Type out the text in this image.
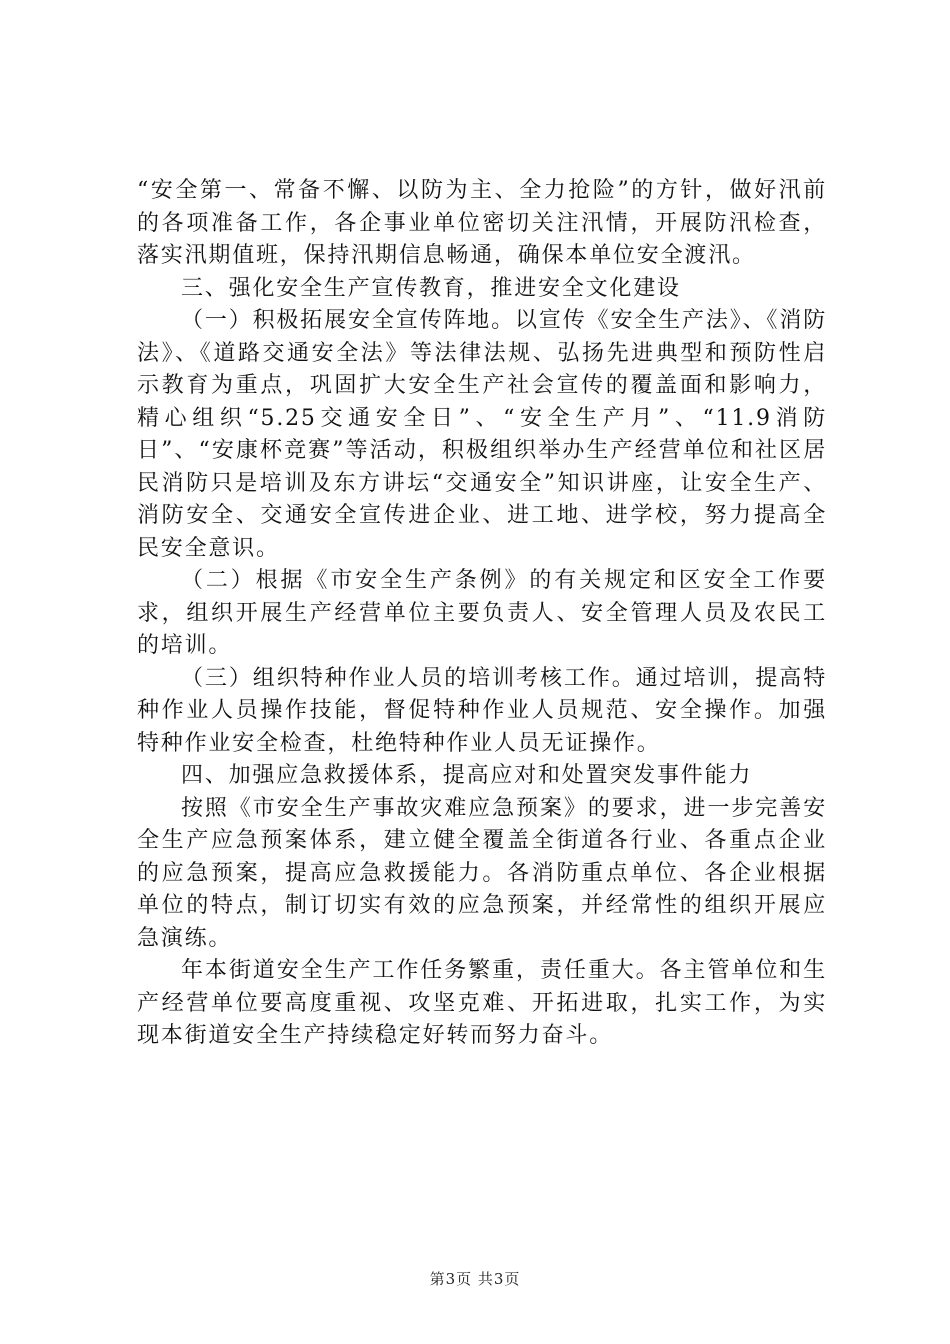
“安全第一、常备不懈、以防为主、全力抢险”的方针，做好汛前的各项准备工作，各企事业单位密切关注汛情，开展防汛检查，落实汛期值班，保持汛期信息畅通，确保本单位安全渡汛。

三、强化安全生产宣传教育，推进安全文化建设

（一）积极拓展安全宣传阵地。以宣传《安全生产法》、《消防法》、《道路交通安全法》等法律法规、弘扬先进典型和预防性启示教育为重点，巩固扩大安全生产社会宣传的覆盖面和影响力，精心组织“5.25交通安全日”、“安全生产月”、“11.9消防日”、“安康杯竞赛”等活动，积极组织举办生产经营单位和社区居民消防只是培训及东方讲坛“交通安全”知识讲座，让安全生产、消防安全、交通安全宣传进企业、进工地、进学校，努力提高全民安全意识。

（二）根据《市安全生产条例》的有关规定和区安全工作要求，组织开展生产经营单位主要负责人、安全管理人员及农民工的培训。

（三）组织特种作业人员的培训考核工作。通过培训，提高特种作业人员操作技能，督促特种作业人员规范、安全操作。加强特种作业安全检查，杜绝特种作业人员无证操作。

四、加强应急救援体系，提高应对和处置突发事件能力

按照《市安全生产事故灾难应急预案》的要求，进一步完善安全生产应急预案体系，建立健全覆盖全街道各行业、各重点企业的应急预案，提高应急救援能力。各消防重点单位、各企业根据单位的特点，制订切实有效的应急预案，并经常性的组织开展应急演练。

年本街道安全生产工作任务繁重，责任重大。各主管单位和生产经营单位要高度重视、攻坚克难、开拓进取，扎实工作，为实现本街道安全生产持续稳定好转而努力奋斗。

第3页 共3页
